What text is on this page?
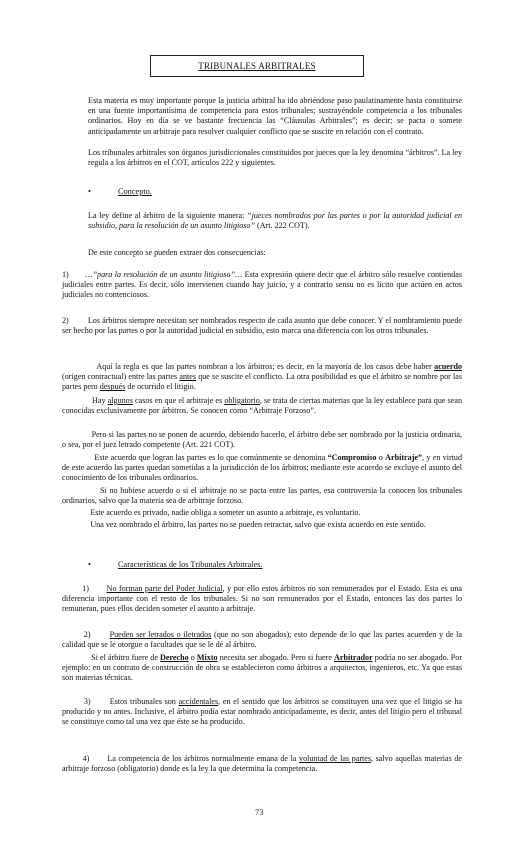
TRIBUNALES ARBITRALES

Esta materia es muy importante porque la justicia arbitral ha ido abriéndose paso paulatinamente hasta constituirse en una fuente importantísima de competencia para estos tribunales; sustrayéndole competencia a los tribunales ordinarios. Hoy en día se ve bastante frecuencia las “Cláusulas Arbitrales”; es decir; se pacta o somete anticipadamente un arbitraje para resolver cualquier conflicto que se suscite en relación con el contrato.

Los tribunales arbitrales son órganos jurisdiccionales constituidos por jueces que la ley denomina “árbitros”. La ley regula a los árbitros en el COT, artículos 222 y siguientes.

•	Concepto.

La ley define al árbitro de la siguiente manera: “jueces nombrados por las partes o por la autoridad judicial en subsidio, para la resolución de un asunto litigioso” (Art. 222 COT).

De este concepto se pueden extraer dos consecuencias:

1) …”para la resolución de un asunto litigioso”… Esta expresión quiere decir que el árbitro sólo resuelve contiendas judiciales entre partes. Es decir, sólo intervienen cuando hay juicio, y a contrario sensu no es lícito que actúen en actos judiciales no contenciosos.

2) Los árbitros siempre necesitan ser nombrados respecto de cada asunto que debe conocer. Y el nombramiento puede ser hecho por las partes o por la autoridad judicial en subsidio, esto marca una diferencia con los otros tribunales.

Aquí la regla es que las partes nombran a los árbitros; es decir, en la mayoría de los casos debe haber acuerdo (origen contractual) entre las partes antes que se suscite el conflicto. La otra posibilidad es que el árbitro se nombre por las partes pero después de ocurrido el litigio.

Hay algunos casos en que el arbitraje es obligatorio, se trata de ciertas materias que la ley establece para que sean conocidas exclusivamente por árbitros. Se conocen como “Arbitraje Forzoso”.

Pero si las partes no se ponen de acuerdo, debiendo hacerlo, el árbitro debe ser nombrado por la justicia ordinaria, o sea, por el juez letrado competente (Art. 221 COT).

Este acuerdo que logran las partes es lo que comúnmente se denomina “Compromiso o Arbitraje”, y en virtud de este acuerdo las partes quedan sometidas a la jurisdicción de los árbitros; mediante este acuerdo se excluye el asunto del conocimiento de los tribunales ordinarios.

Si no hubiese acuerdo o si el arbitraje no se pacta entre las partes, esa controversia la conocen los tribunales ordinarios, salvo que la materia sea de arbitraje forzoso.

Este acuerdo es privado, nadie obliga a someter un asunto a arbitraje, es voluntario.

Una vez nombrado el árbitro, las partes no se pueden retractar, salvo que exista acuerdo en este sentido.

•	Características de los Tribunales Arbitrales.

1) No forman parte del Poder Judicial, y por ello estos árbitros no son remunerados por el Estado. Esta es una diferencia importante con el resto de los tribunales. Si no son remunerados por el Estado, entonces las dos partes lo remuneran, pues ellos deciden someter el asunto a arbitraje.

2) Pueden ser letrados o iletrados (que no son abogados); esto depende de lo que las partes acuerden y de la calidad que se le otorgue o facultades que se le dé al árbitro.

Si el árbitro fuere de Derecho o Mixto necesita ser abogado. Pero si fuere Arbitrador podría no ser abogado. Por ejemplo: en un contrato de construcción de obra se establecieron como árbitros a arquitectos, ingenieros, etc. Ya que estas son materias técnicas.

3) Estos tribunales son accidentales, en el sentido que los árbitros se constituyen una vez que el litigio se ha producido y no antes. Inclusive, el árbitro podía estar nombrado anticipadamente, es decir, antes del litigio pero el tribunal se constituye como tal una vez que éste se ha producido.

4) La competencia de los árbitros normalmente emana de la voluntad de las partes, salvo aquellas materias de arbitraje forzoso (obligatorio) donde es la ley la que determina la competencia.

73
